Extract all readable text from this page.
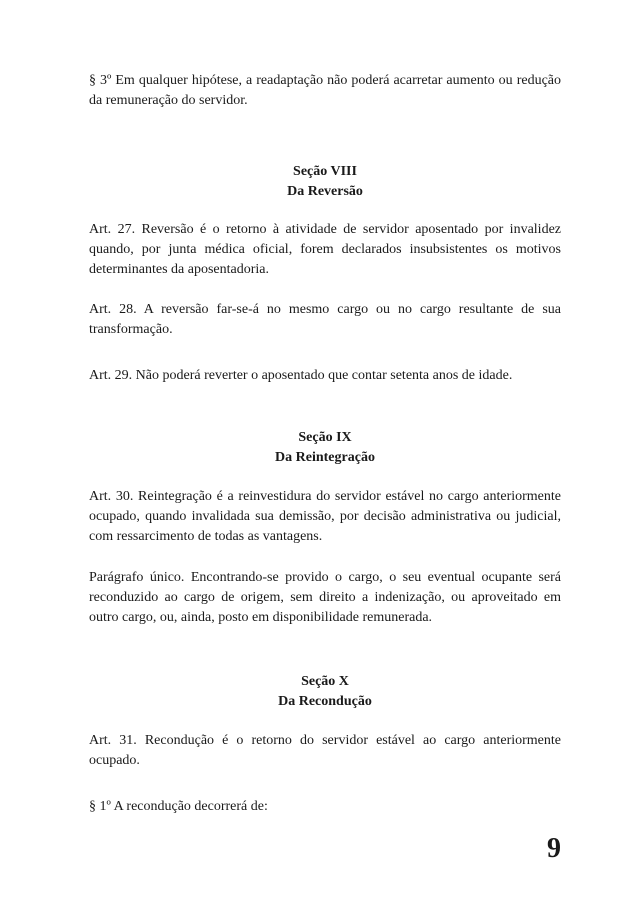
§ 3º Em qualquer hipótese, a readaptação não poderá acarretar aumento ou redução da remuneração do servidor.

Seção VIII
Da Reversão

Art. 27. Reversão é o retorno à atividade de servidor aposentado por invalidez quando, por junta médica oficial, forem declarados insubsistentes os motivos determinantes da aposentadoria.

Art. 28. A reversão far-se-á no mesmo cargo ou no cargo resultante de sua transformação.

Art. 29. Não poderá reverter o aposentado que contar setenta anos de idade.

Seção IX
Da Reintegração

Art. 30. Reintegração é a reinvestidura do servidor estável no cargo anteriormente ocupado, quando invalidada sua demissão, por decisão administrativa ou judicial, com ressarcimento de todas as vantagens.

Parágrafo único. Encontrando-se provido o cargo, o seu eventual ocupante será reconduzido ao cargo de origem, sem direito a indenização, ou aproveitado em outro cargo, ou, ainda, posto em disponibilidade remunerada.

Seção X
Da Recondução

Art. 31. Recondução é o retorno do servidor estável ao cargo anteriormente ocupado.

§ 1º A recondução decorrerá de:

9
